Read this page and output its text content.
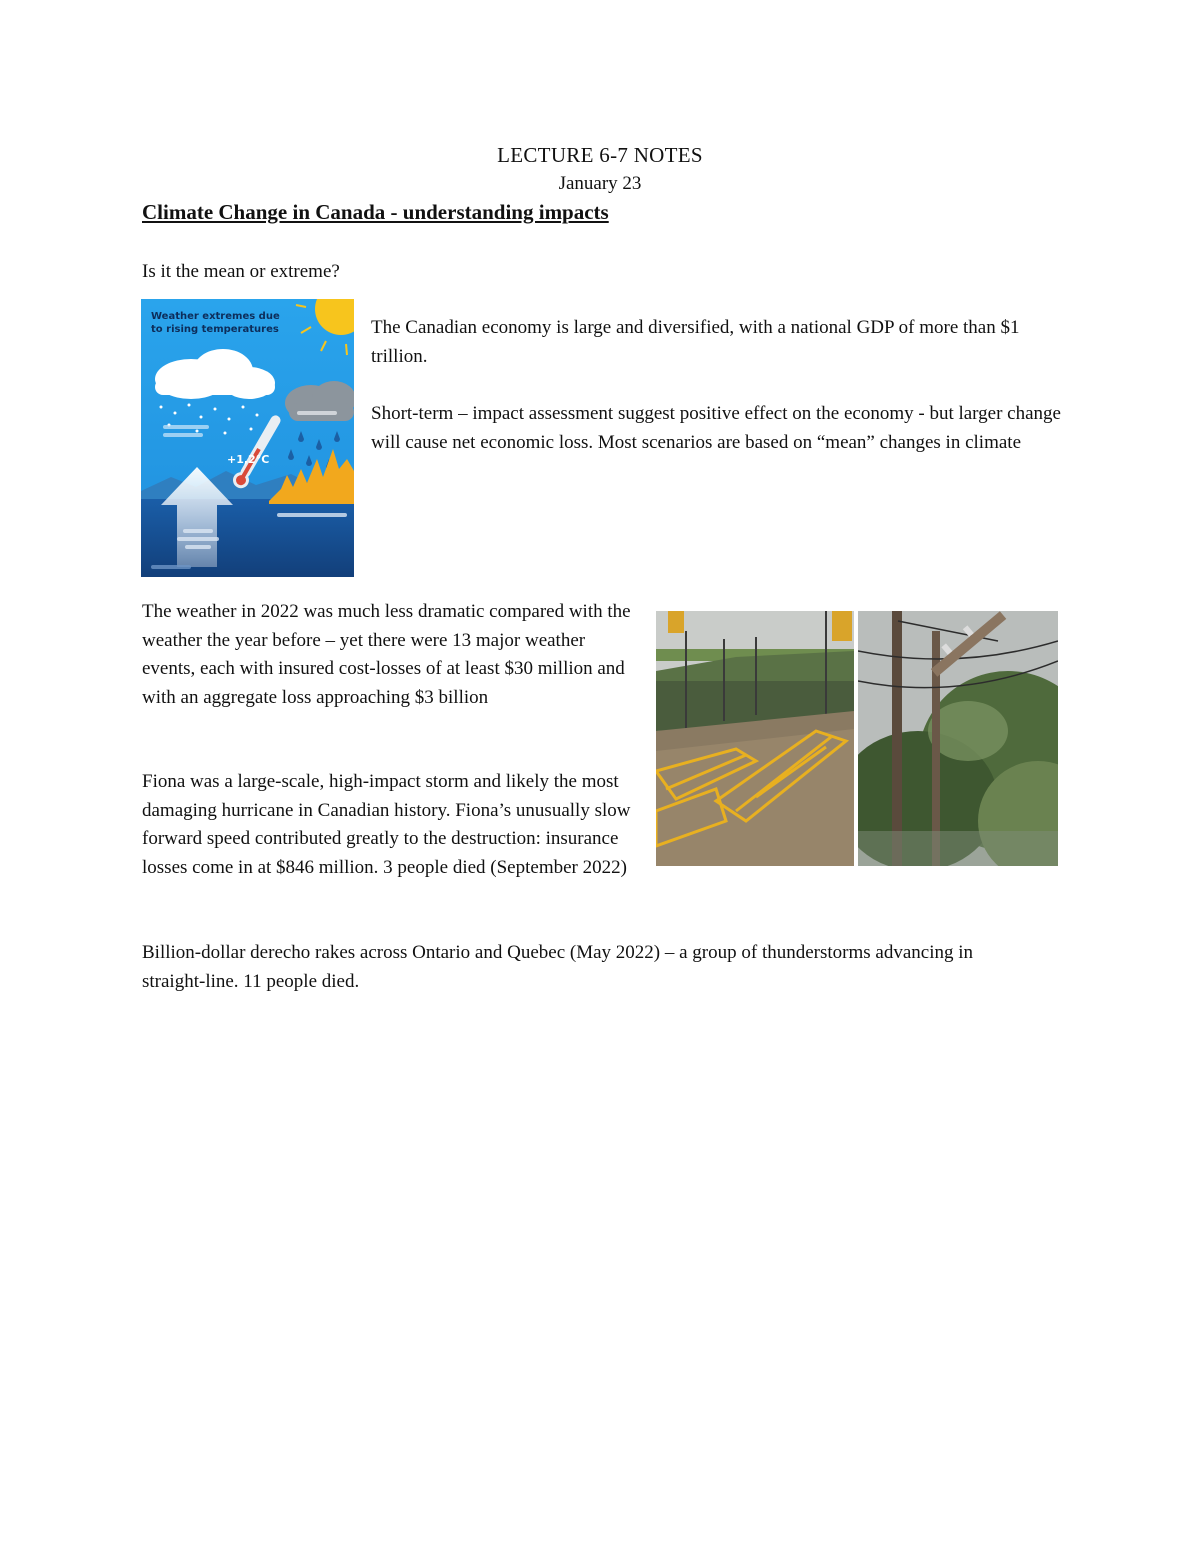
LECTURE 6-7 NOTES
January 23
Climate Change in Canada - understanding impacts
Is it the mean or extreme?
Weather extremes due
to rising temperatures
+1,2°C
The Canadian economy is large and diversified, with a national GDP of more than $1 trillion.
Short-term – impact assessment suggest positive effect on the economy - but larger change will cause net economic loss. Most scenarios are based on “mean” changes in climate
The weather in 2022 was much less dramatic compared with the weather the year before – yet there were 13 major weather events, each with insured cost-losses of at least $30 million and with an aggregate loss approaching $3 billion
Fiona was a large-scale, high-impact storm and likely the most damaging hurricane in Canadian history. Fiona’s unusually slow forward speed contributed greatly to the destruction: insurance losses come in at $846 million. 3 people died (September 2022)
Billion-dollar derecho rakes across Ontario and Quebec (May 2022) – a group of thunderstorms advancing in straight-line. 11 people died.
